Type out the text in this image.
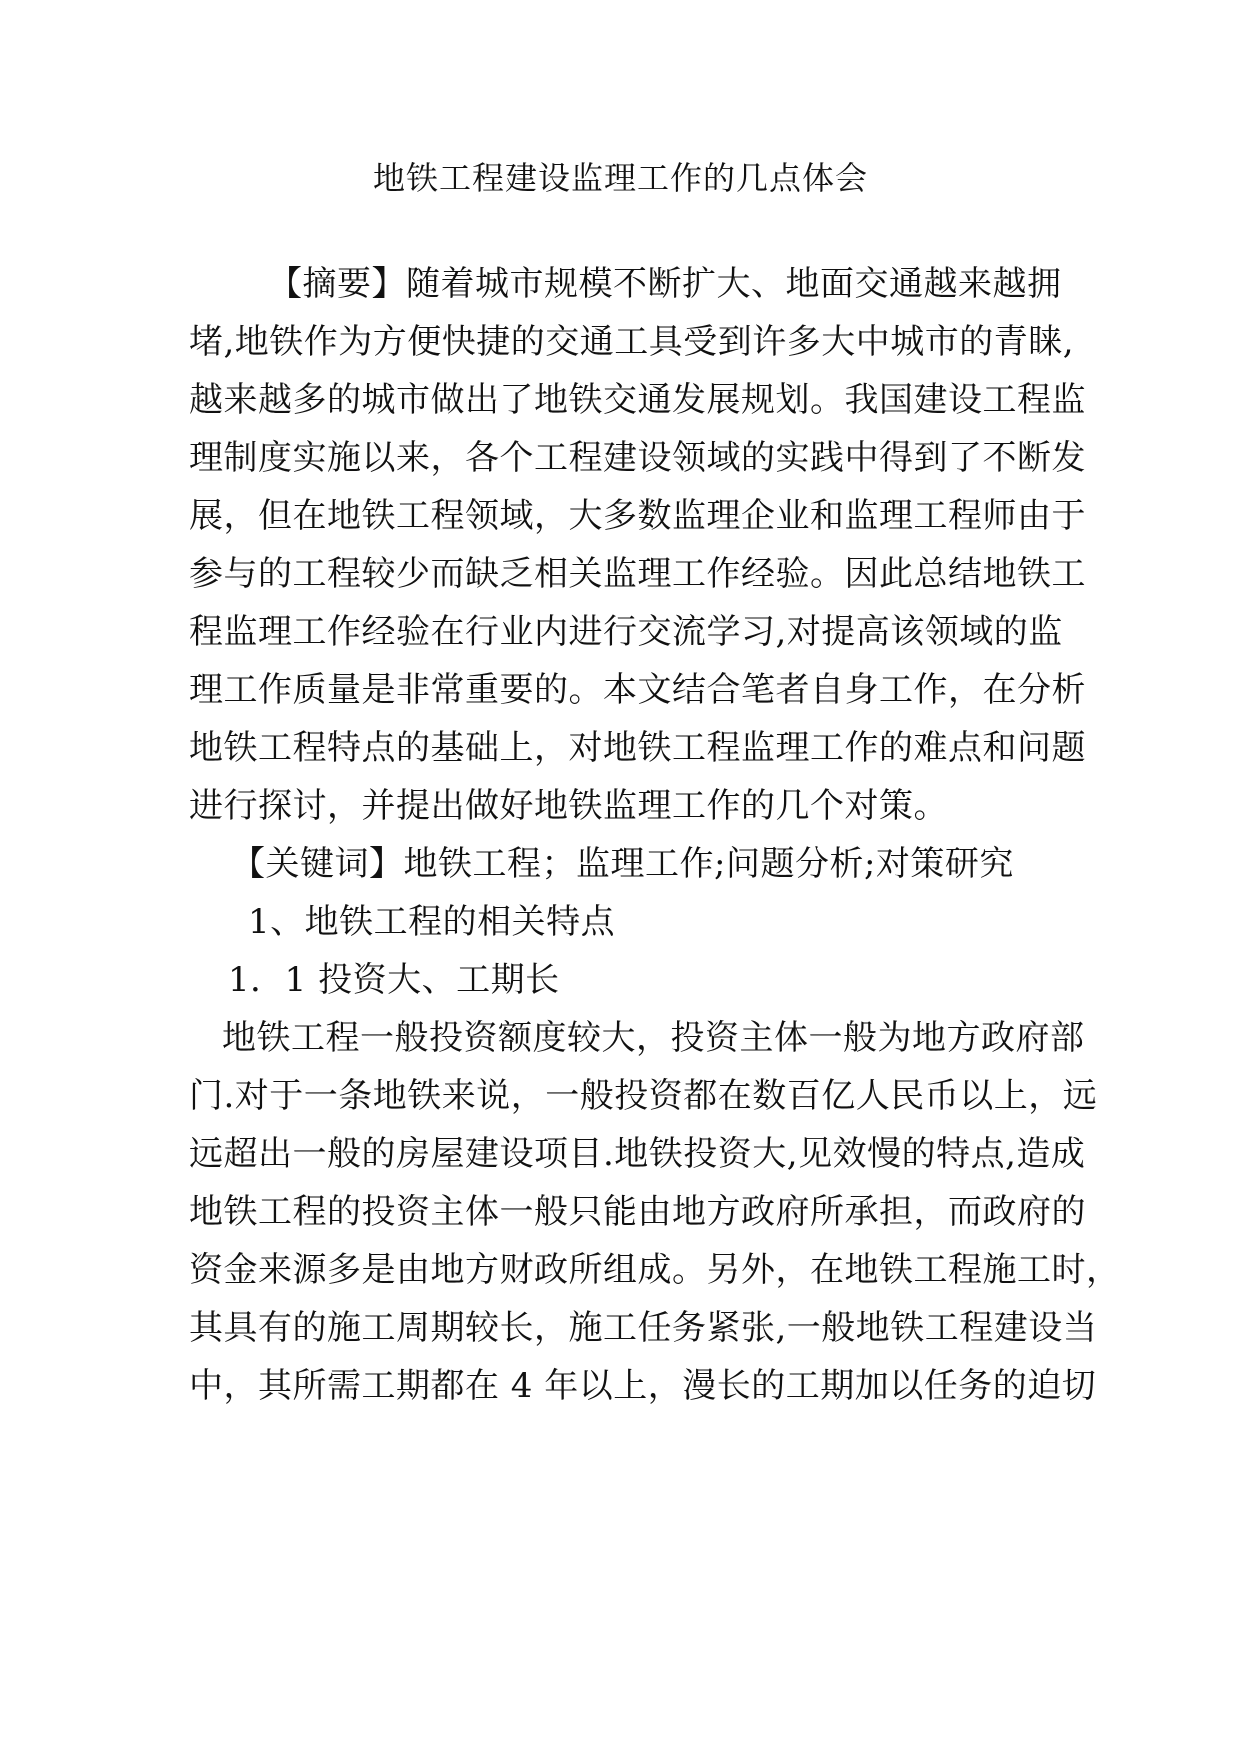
地铁工程建设监理工作的几点体会
【摘要】随着城市规模不断扩大、地面交通越来越拥
堵,地铁作为方便快捷的交通工具受到许多大中城市的青睐,
越来越多的城市做出了地铁交通发展规划。我国建设工程监
理制度实施以来，各个工程建设领域的实践中得到了不断发
展，但在地铁工程领域，大多数监理企业和监理工程师由于
参与的工程较少而缺乏相关监理工作经验。因此总结地铁工
程监理工作经验在行业内进行交流学习,对提高该领域的监
理工作质量是非常重要的。本文结合笔者自身工作，在分析
地铁工程特点的基础上，对地铁工程监理工作的难点和问题
进行探讨，并提出做好地铁监理工作的几个对策。
【关键词】地铁工程；监理工作;问题分析;对策研究
1、地铁工程的相关特点
1．1 投资大、工期长
地铁工程一般投资额度较大，投资主体一般为地方政府部
门.对于一条地铁来说，一般投资都在数百亿人民币以上，远
远超出一般的房屋建设项目.地铁投资大,见效慢的特点,造成
地铁工程的投资主体一般只能由地方政府所承担，而政府的
资金来源多是由地方财政所组成。另外，在地铁工程施工时，
其具有的施工周期较长，施工任务紧张,一般地铁工程建设当
中，其所需工期都在 4 年以上，漫长的工期加以任务的迫切
